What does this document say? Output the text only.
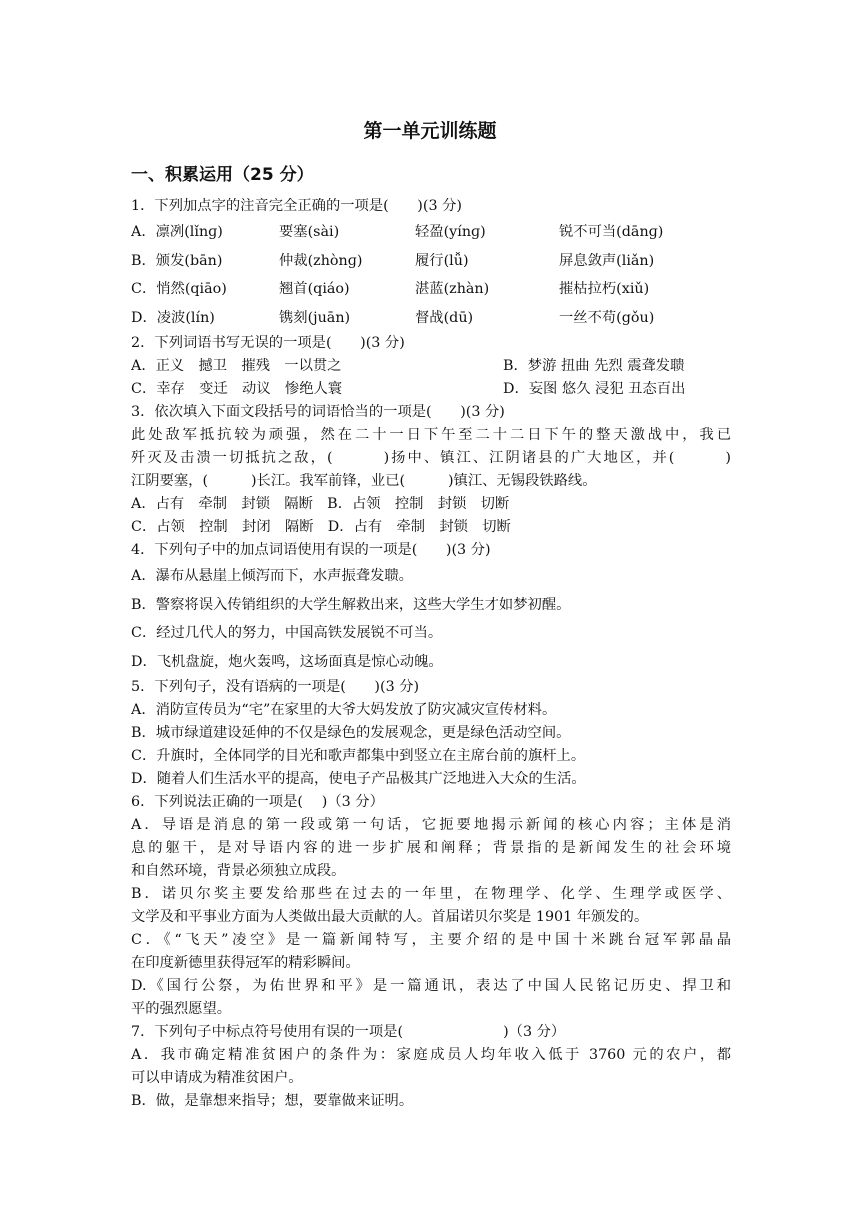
第一单元训练题
一、积累运用（25 分）
1．下列加点字的注音完全正确的一项是(　　)(3 分)
A．凛冽(lǐnɡ)	要塞(sài)	轻盈(yínɡ)	锐不可当(dānɡ)
B．颁发(bān)	仲裁(zhònɡ)	履行(lǚ)	屏息敛声(liǎn)
C．悄然(qiāo)	翘首(qiáo)	湛蓝(zhàn)	摧枯拉朽(xiǔ)
D．凌波(lín)	镌刻(juān)	督战(dū)	一丝不苟(gǒu)
2．下列词语书写无误的一项是(　　)(3 分)
A．正义　撼卫　摧残　一以贯之	B．梦游 扭曲 先烈 震聋发聩
C．幸存　变迁　动议　惨绝人寰	D．妄图 悠久 浸犯 丑态百出
3．依次填入下面文段括号的词语恰当的一项是(　　)(3 分)
此处敌军抵抗较为顽强，然在二十一日下午至二十二日下午的整天激战中，我已
歼灭及击溃一切抵抗之敌，(　　　)扬中、镇江、江阴诸县的广大地区，并(　　　)
江阴要塞，(　　　)长江。我军前锋，业已(　　　)镇江、无锡段铁路线。
A．占有　牵制　封锁　隔断　B．占领　控制　封锁　切断
C．占领　控制　封闭　隔断　D．占有　牵制　封锁　切断
4．下列句子中的加点词语使用有误的一项是(　　)(3 分)
A．瀑布从悬崖上倾泻而下，水声振聋发聩。
B．警察将误入传销组织的大学生解救出来，这些大学生才如梦初醒。
C．经过几代人的努力，中国高铁发展锐不可当。
D．飞机盘旋，炮火轰鸣，这场面真是惊心动魄。
5．下列句子，没有语病的一项是(　　)(3 分)
A．消防宣传员为“宅”在家里的大爷大妈发放了防灾减灾宣传材料。
B．城市绿道建设延伸的不仅是绿色的发展观念，更是绿色活动空间。
C．升旗时，全体同学的目光和歌声都集中到竖立在主席台前的旗杆上。
D．随着人们生活水平的提高，使电子产品极其广泛地进入大众的生活。
6．下列说法正确的一项是(　 )（3 分）
A．导语是消息的第一段或第一句话，它扼要地揭示新闻的核心内容；主体是消
息的躯干，是对导语内容的进一步扩展和阐释；背景指的是新闻发生的社会环境
和自然环境，背景必须独立成段。
B．诺贝尔奖主要发给那些在过去的一年里，在物理学、化学、生理学或医学、
文学及和平事业方面为人类做出最大贡献的人。首届诺贝尔奖是 1901 年颁发的。
C．《“飞天”凌空》是一篇新闻特写，主要介绍的是中国十米跳台冠军郭晶晶
在印度新德里获得冠军的精彩瞬间。
D.《国行公祭，为佑世界和平》是一篇通讯，表达了中国人民铭记历史、捍卫和
平的强烈愿望。
7．下列句子中标点符号使用有误的一项是(　　　　　　　)（3 分）
A．我市确定精准贫困户的条件为：家庭成员人均年收入低于 3760 元的农户，都
可以申请成为精准贫困户。
B．做，是靠想来指导；想，要靠做来证明。
